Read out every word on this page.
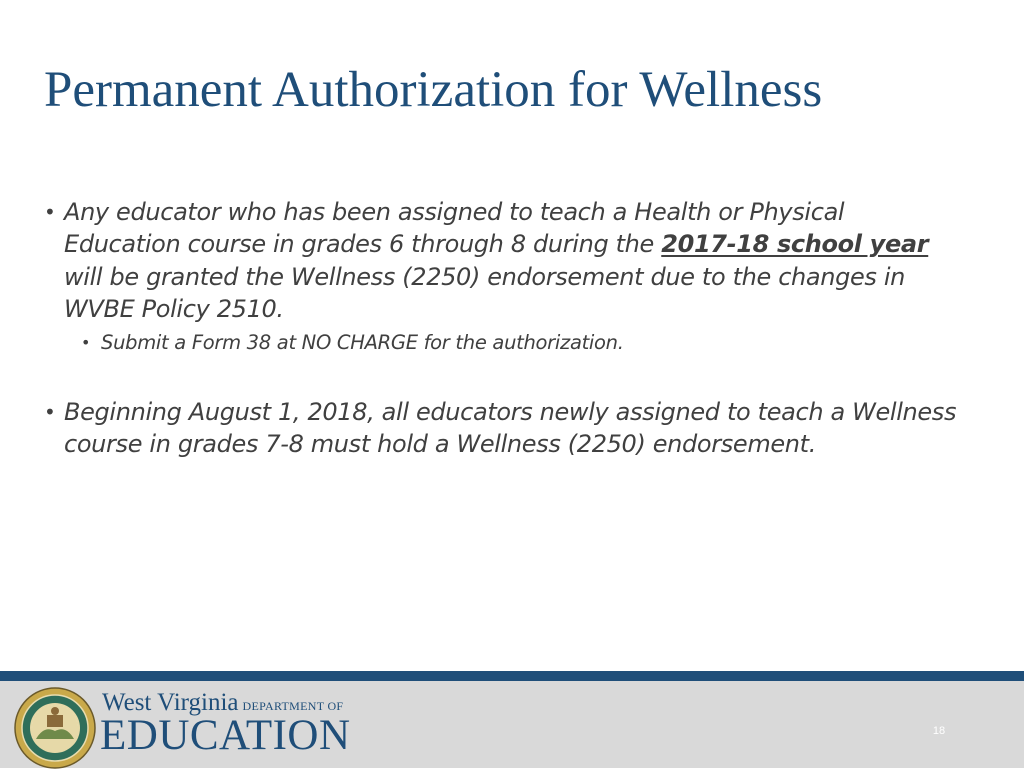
Permanent Authorization for Wellness
• Any educator who has been assigned to teach a Health or Physical Education course in grades 6 through 8 during the 2017-18 school year will be granted the Wellness (2250) endorsement due to the changes in WVBE Policy 2510.
• Submit a Form 38 at NO CHARGE for the authorization.
• Beginning August 1, 2018, all educators newly assigned to teach a Wellness course in grades 7-8 must hold a Wellness (2250) endorsement.
West Virginia DEPARTMENT OF
EDUCATION	18
